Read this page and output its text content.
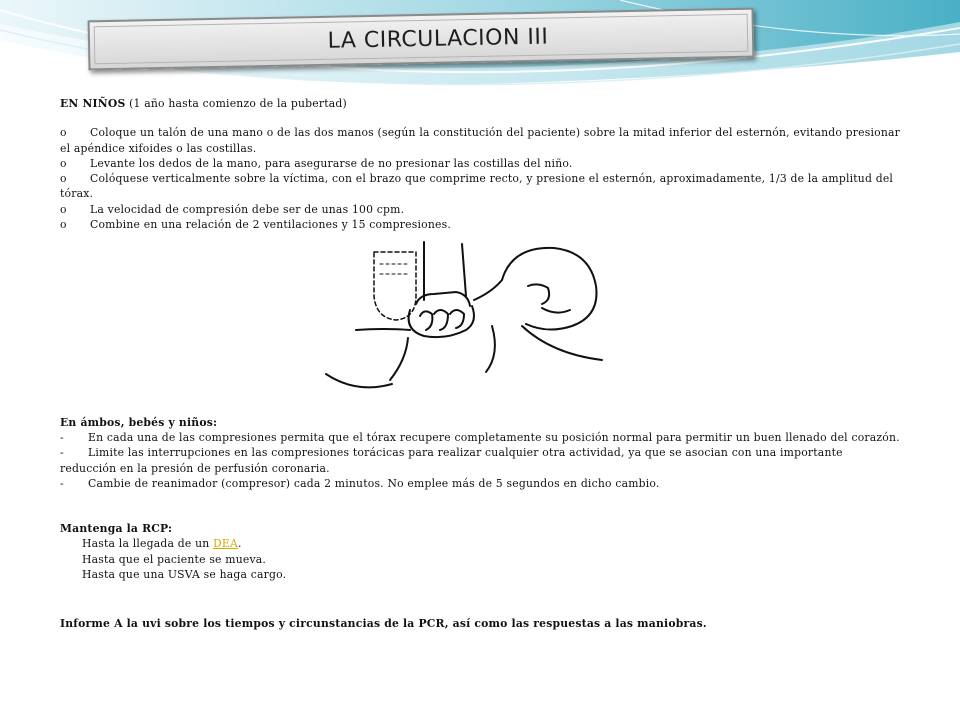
LA CIRCULACION III

EN NIÑOS (1 año hasta comienzo de la pubertad)

o Coloque un talón de una mano o de las dos manos (según la constitución del paciente) sobre la mitad inferior del esternón, evitando presionar el apéndice xifoides o las costillas.

o Levante los dedos de la mano, para asegurarse de no presionar las costillas del niño.

o Colóquese verticalmente sobre la víctima, con el brazo que comprime recto, y presione el esternón, aproximadamente, 1/3 de la amplitud del tórax.

o La velocidad de compresión debe ser de unas 100 cpm.

o Combine en una relación de 2 ventilaciones y 15 compresiones.

En ámbos, bebés y niños:

- En cada una de las compresiones permita que el tórax recupere completamente su posición normal para permitir un buen llenado del corazón.

- Limite las interrupciones en las compresiones torácicas para realizar cualquier otra actividad, ya que se asocian con una importante reducción en la presión de perfusión coronaria.

- Cambie de reanimador (compresor) cada 2 minutos. No emplee más de 5 segundos en dicho cambio.

Mantenga la RCP:

Hasta la llegada de un DEA.

Hasta que el paciente se mueva.

Hasta que una USVA se haga cargo.

Informe A la uvi sobre los tiempos y circunstancias de la PCR, así como las respuestas a las maniobras.
